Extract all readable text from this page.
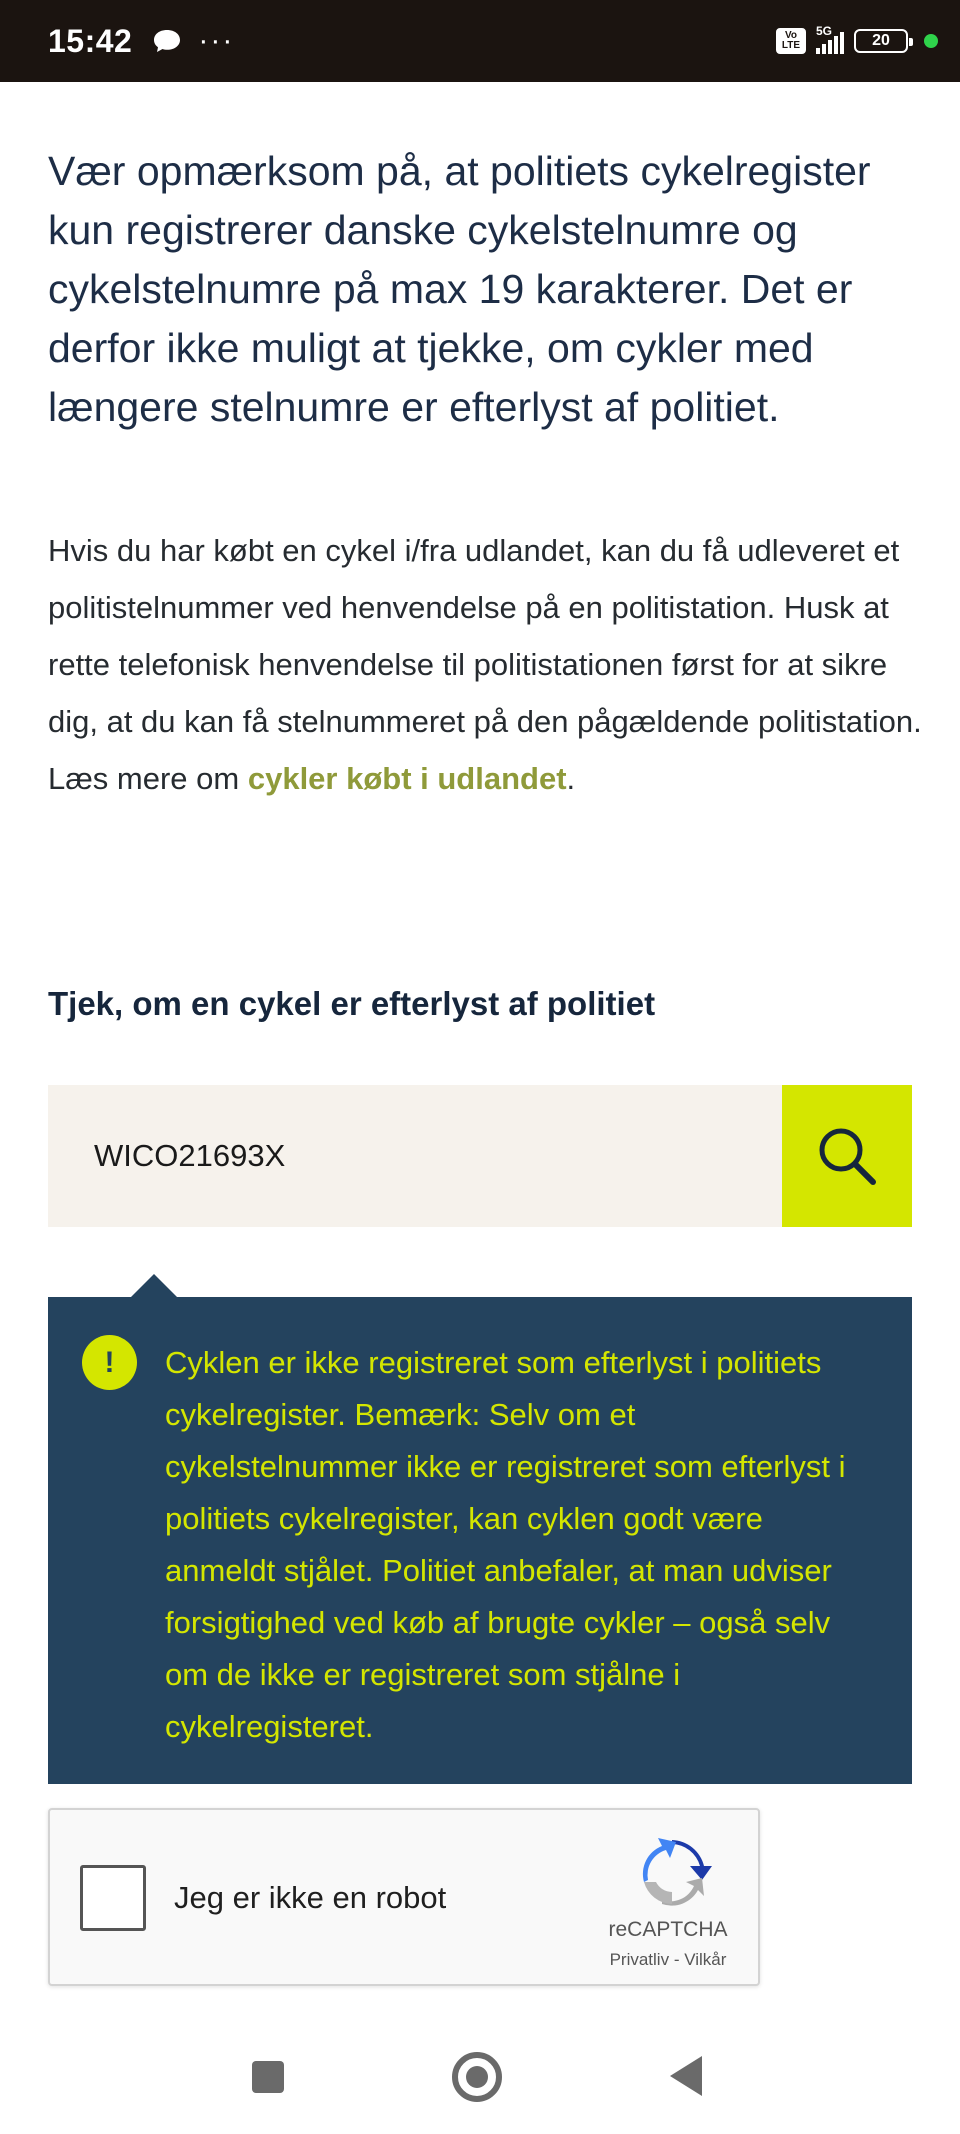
15:42 ···	Vo
LTE
5G
20

Vær opmærksom på, at politiets cykelregister kun registrerer danske cykelstelnumre og cykelstelnumre på max 19 karakterer. Det er derfor ikke muligt at tjekke, om cykler med længere stelnumre er efterlyst af politiet.

Hvis du har købt en cykel i/fra udlandet, kan du få udleveret et politistelnummer ved henvendelse på en politistation. Husk at rette telefonisk henvendelse til politistationen først for at sikre dig, at du kan få stelnummeret på den pågældende politistation. Læs mere om cykler købt i udlandet.

Tjek, om en cykel er efterlyst af politiet
WICO21693X

Cyklen er ikke registreret som efterlyst i politiets cykelregister. Bemærk: Selv om et cykelstelnummer ikke er registreret som efterlyst i politiets cykelregister, kan cyklen godt være anmeldt stjålet. Politiet anbefaler, at man udviser forsigtighed ved køb af brugte cykler – også selv om de ikke er registreret som stjålne i cykelregisteret.

!
Jeg er ikke en robot
reCAPTCHA
Privatliv - Vilkår
